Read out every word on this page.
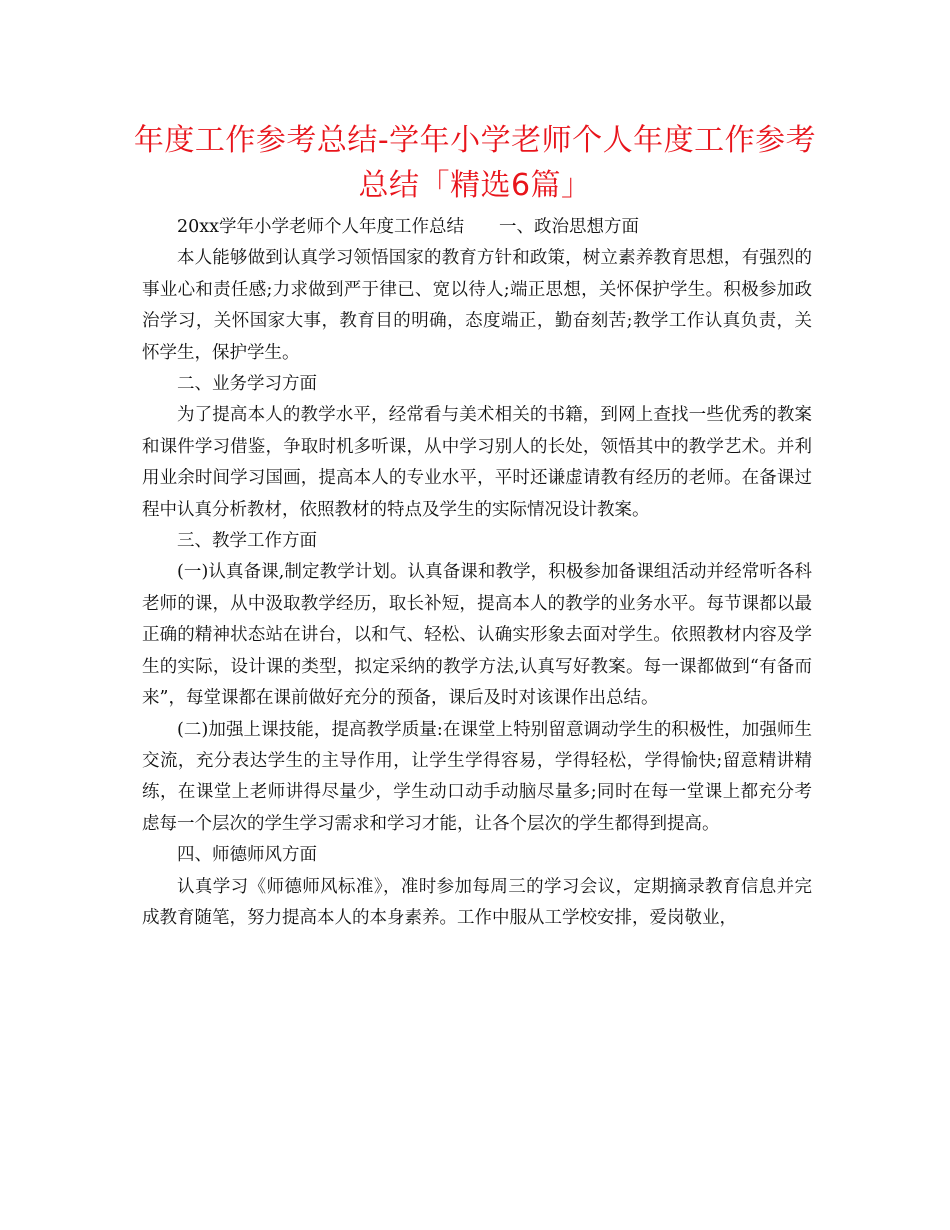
年度工作参考总结-学年小学老师个人年度工作参考总结「精选6篇」

20xx学年小学老师个人年度工作总结　　一、政治思想方面

本人能够做到认真学习领悟国家的教育方针和政策，树立素养教育思想，有强烈的事业心和责任感;力求做到严于律已、宽以待人;端正思想，关怀保护学生。积极参加政治学习，关怀国家大事，教育目的明确，态度端正，勤奋刻苦;教学工作认真负责，关怀学生，保护学生。

二、业务学习方面

为了提高本人的教学水平，经常看与美术相关的书籍，到网上查找一些优秀的教案和课件学习借鉴，争取时机多听课，从中学习别人的长处，领悟其中的教学艺术。并利用业余时间学习国画，提高本人的专业水平，平时还谦虚请教有经历的老师。在备课过程中认真分析教材，依照教材的特点及学生的实际情况设计教案。

三、教学工作方面

(一)认真备课,制定教学计划。认真备课和教学，积极参加备课组活动并经常听各科老师的课，从中汲取教学经历，取长补短，提高本人的教学的业务水平。每节课都以最正确的精神状态站在讲台，以和气、轻松、认确实形象去面对学生。依照教材内容及学生的实际，设计课的类型，拟定采纳的教学方法,认真写好教案。每一课都做到“有备而来”，每堂课都在课前做好充分的预备，课后及时对该课作出总结。

(二)加强上课技能，提高教学质量:在课堂上特别留意调动学生的积极性，加强师生交流，充分表达学生的主导作用，让学生学得容易，学得轻松，学得愉快;留意精讲精练，在课堂上老师讲得尽量少，学生动口动手动脑尽量多;同时在每一堂课上都充分考虑每一个层次的学生学习需求和学习才能，让各个层次的学生都得到提高。

四、师德师风方面

认真学习《师德师风标准》，准时参加每周三的学习会议，定期摘录教育信息并完成教育随笔，努力提高本人的本身素养。工作中服从工学校安排，爱岗敬业，
